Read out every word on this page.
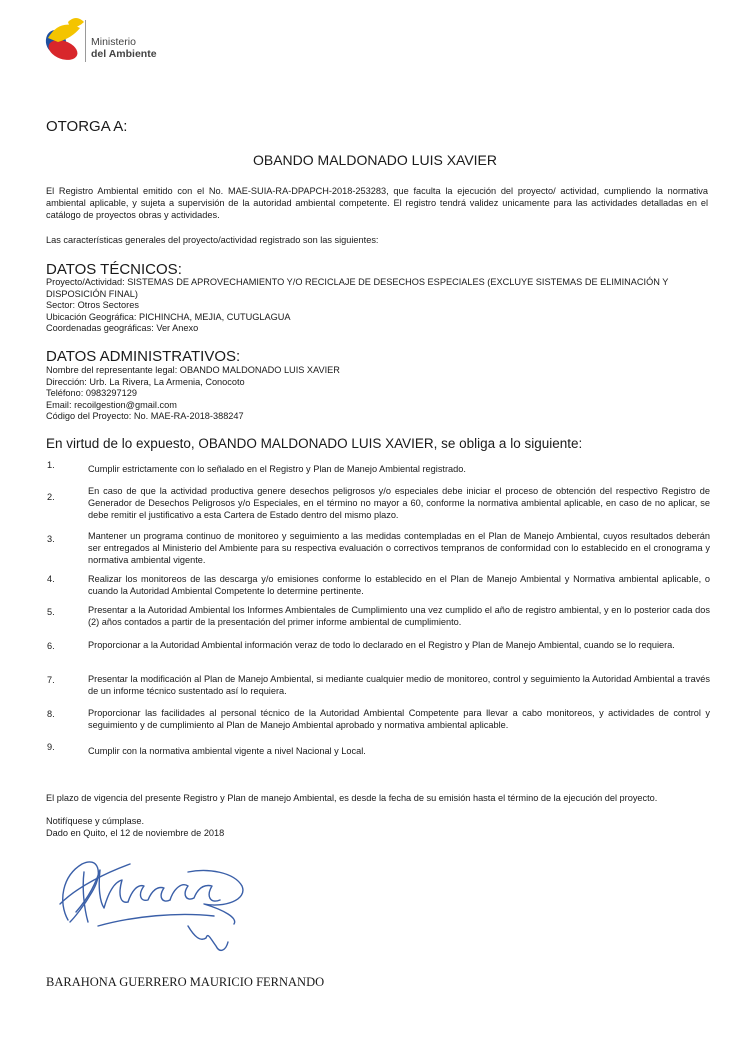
Ministerio
del Ambiente
OTORGA A:
OBANDO MALDONADO LUIS XAVIER
El Registro Ambiental emitido con el No. MAE-SUIA-RA-DPAPCH-2018-253283, que faculta la ejecución del proyecto/ actividad, cumpliendo la normativa ambiental aplicable, y sujeta a supervisión de la autoridad ambiental competente. El registro tendrá validez unicamente para las actividades detalladas en el catálogo de proyectos obras y actividades.
Las características generales del proyecto/actividad registrado son las siguientes:
DATOS TÉCNICOS:
Proyecto/Actividad: SISTEMAS DE APROVECHAMIENTO Y/O RECICLAJE DE DESECHOS ESPECIALES (EXCLUYE SISTEMAS DE ELIMINACIÓN Y DISPOSICIÓN FINAL)
Sector: Otros Sectores
Ubicación Geográfica: PICHINCHA, MEJIA, CUTUGLAGUA
Coordenadas geográficas: Ver Anexo
DATOS ADMINISTRATIVOS:
Nombre del representante legal: OBANDO MALDONADO LUIS XAVIER
Dirección: Urb. La Rivera, La Armenia, Conocoto
Teléfono: 0983297129
Email: recoilgestion@gmail.com
Código del Proyecto: No. MAE-RA-2018-388247
En virtud de lo expuesto, OBANDO MALDONADO LUIS XAVIER, se obliga a lo siguiente:
1.	Cumplir estrictamente con lo señalado en el Registro y Plan de Manejo Ambiental registrado.
2.
En caso de que la actividad productiva genere desechos peligrosos y/o especiales debe iniciar el proceso de obtención del respectivo Registro de Generador de Desechos Peligrosos y/o Especiales, en el término no mayor a 60, conforme la normativa ambiental aplicable, en caso de no aplicar, se debe remitir el justificativo a esta Cartera de Estado dentro del mismo plazo.
3.	Mantener un programa continuo de monitoreo y seguimiento a las medidas contempladas en el Plan de Manejo Ambiental, cuyos resultados deberán ser entregados al Ministerio del Ambiente para su respectiva evaluación o correctivos tempranos de conformidad con lo establecido en el cronograma y normativa ambiental vigente.
4.	Realizar los monitoreos de las descarga y/o emisiones conforme lo establecido en el Plan de Manejo Ambiental y Normativa ambiental aplicable, o cuando la Autoridad Ambiental Competente lo determine pertinente.
5.	Presentar a la Autoridad Ambiental los Informes Ambientales de Cumplimiento una vez cumplido el año de registro ambiental, y en lo posterior cada dos (2) años contados a partir de la presentación del primer informe ambiental de cumplimiento.
6.	Proporcionar a la Autoridad Ambiental información veraz de todo lo declarado en el Registro y Plan de Manejo Ambiental, cuando se lo requiera.
7.	Presentar la modificación al Plan de Manejo Ambiental, si mediante cualquier medio de monitoreo, control y seguimiento la Autoridad Ambiental a través de un informe técnico sustentado así lo requiera.
8.	Proporcionar las facilidades al personal técnico de la Autoridad Ambiental Competente para llevar a cabo monitoreos, y actividades de control y seguimiento y de cumplimiento al Plan de Manejo Ambiental aprobado y normativa ambiental aplicable.
9.	Cumplir con la normativa ambiental vigente a nivel Nacional y Local.
El plazo de vigencia del presente Registro y Plan de manejo Ambiental, es desde la fecha de su emisión hasta el término de la ejecución del proyecto.
Notifíquese y cúmplase.
Dado en Quito, el 12 de noviembre de 2018
BARAHONA GUERRERO MAURICIO FERNANDO
